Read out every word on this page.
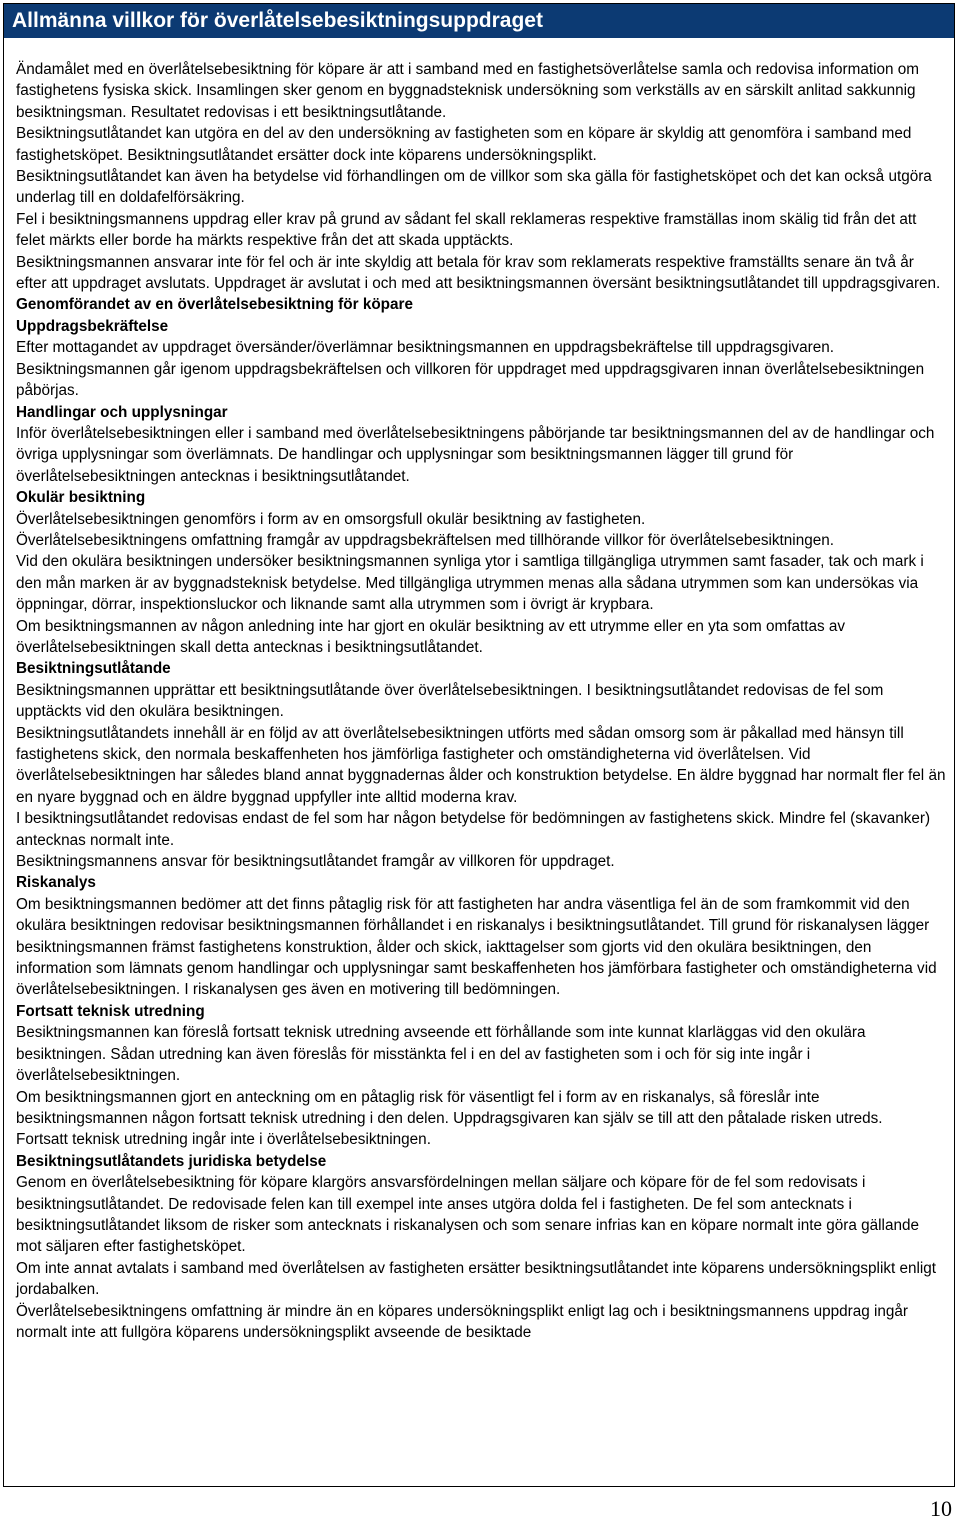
Allmänna villkor för överlåtelsebesiktningsuppdraget

Ändamålet med en överlåtelsebesiktning för köpare är att i samband med en fastighetsöverlåtelse samla och redovisa information om fastighetens fysiska skick. Insamlingen sker genom en byggnadsteknisk undersökning som verkställs av en särskilt anlitad sakkunnig besiktningsman. Resultatet redovisas i ett besiktningsutlåtande.

Besiktningsutlåtandet kan utgöra en del av den undersökning av fastigheten som en köpare är skyldig att genomföra i samband med fastighetsköpet. Besiktningsutlåtandet ersätter dock inte köparens undersökningsplikt.

Besiktningsutlåtandet kan även ha betydelse vid förhandlingen om de villkor som ska gälla för fastighetsköpet och det kan också utgöra underlag till en doldafelförsäkring.

Fel i besiktningsmannens uppdrag eller krav på grund av sådant fel skall reklameras respektive framställas inom skälig tid från det att felet märkts eller borde ha märkts respektive från det att skada upptäckts.

Besiktningsmannen ansvarar inte för fel och är inte skyldig att betala för krav som reklamerats respektive framställts senare än två år efter att uppdraget avslutats. Uppdraget är avslutat i och med att besiktningsmannen översänt besiktningsutlåtandet till uppdragsgivaren.

Genomförandet av en överlåtelsebesiktning för köpare
Uppdragsbekräftelse

Efter mottagandet av uppdraget översänder/överlämnar besiktningsmannen en uppdragsbekräftelse till uppdragsgivaren. Besiktningsmannen går igenom uppdragsbekräftelsen och villkoren för uppdraget med uppdragsgivaren innan överlåtelsebesiktningen påbörjas.

Handlingar och upplysningar

Inför överlåtelsebesiktningen eller i samband med överlåtelsebesiktningens påbörjande tar besiktningsmannen del av de handlingar och övriga upplysningar som överlämnats. De handlingar och upplysningar som besiktningsmannen lägger till grund för överlåtelsebesiktningen antecknas i besiktningsutlåtandet.

Okulär besiktning

Överlåtelsebesiktningen genomförs i form av en omsorgsfull okulär besiktning av fastigheten.

Överlåtelsebesiktningens omfattning framgår av uppdragsbekräftelsen med tillhörande villkor för överlåtelsebesiktningen.

Vid den okulära besiktningen undersöker besiktningsmannen synliga ytor i samtliga tillgängliga utrymmen samt fasader, tak och mark i den mån marken är av byggnadsteknisk betydelse. Med tillgängliga utrymmen menas alla sådana utrymmen som kan undersökas via öppningar, dörrar, inspektionsluckor och liknande samt alla utrymmen som i övrigt är krypbara.

Om besiktningsmannen av någon anledning inte har gjort en okulär besiktning av ett utrymme eller en yta som omfattas av överlåtelsebesiktningen skall detta antecknas i besiktningsutlåtandet.

Besiktningsutlåtande

Besiktningsmannen upprättar ett besiktningsutlåtande över överlåtelsebesiktningen. I besiktningsutlåtandet redovisas de fel som upptäckts vid den okulära besiktningen.

Besiktningsutlåtandets innehåll är en följd av att överlåtelsebesiktningen utförts med sådan omsorg som är påkallad med hänsyn till fastighetens skick, den normala beskaffenheten hos jämförliga fastigheter och omständigheterna vid överlåtelsen. Vid överlåtelsebesiktningen har således bland annat byggnadernas ålder och konstruktion betydelse. En äldre byggnad har normalt fler fel än en nyare byggnad och en äldre byggnad uppfyller inte alltid moderna krav.

I besiktningsutlåtandet redovisas endast de fel som har någon betydelse för bedömningen av fastighetens skick. Mindre fel (skavanker) antecknas normalt inte.

Besiktningsmannens ansvar för besiktningsutlåtandet framgår av villkoren för uppdraget.

Riskanalys

Om besiktningsmannen bedömer att det finns påtaglig risk för att fastigheten har andra väsentliga fel än de som framkommit vid den okulära besiktningen redovisar besiktningsmannen förhållandet i en riskanalys i besiktningsutlåtandet. Till grund för riskanalysen lägger besiktningsmannen främst fastighetens konstruktion, ålder och skick, iakttagelser som gjorts vid den okulära besiktningen, den information som lämnats genom handlingar och upplysningar samt beskaffenheten hos jämförbara fastigheter och omständigheterna vid överlåtelsebesiktningen. I riskanalysen ges även en motivering till bedömningen.

Fortsatt teknisk utredning

Besiktningsmannen kan föreslå fortsatt teknisk utredning avseende ett förhållande som inte kunnat klarläggas vid den okulära besiktningen. Sådan utredning kan även föreslås för misstänkta fel i en del av fastigheten som i och för sig inte ingår i överlåtelsebesiktningen.

Om besiktningsmannen gjort en anteckning om en påtaglig risk för väsentligt fel i form av en riskanalys, så föreslår inte besiktningsmannen någon fortsatt teknisk utredning i den delen. Uppdragsgivaren kan själv se till att den påtalade risken utreds.

Fortsatt teknisk utredning ingår inte i överlåtelsebesiktningen.

Besiktningsutlåtandets juridiska betydelse

Genom en överlåtelsebesiktning för köpare klargörs ansvarsfördelningen mellan säljare och köpare för de fel som redovisats i besiktningsutlåtandet. De redovisade felen kan till exempel inte anses utgöra dolda fel i fastigheten. De fel som antecknats i besiktningsutlåtandet liksom de risker som antecknats i riskanalysen och som senare infrias kan en köpare normalt inte göra gällande mot säljaren efter fastighetsköpet.

Om inte annat avtalats i samband med överlåtelsen av fastigheten ersätter besiktningsutlåtandet inte köparens undersökningsplikt enligt jordabalken.

Överlåtelsebesiktningens omfattning är mindre än en köpares undersökningsplikt enligt lag och i besiktningsmannens uppdrag ingår normalt inte att fullgöra köparens undersökningsplikt avseende de besiktade

10
